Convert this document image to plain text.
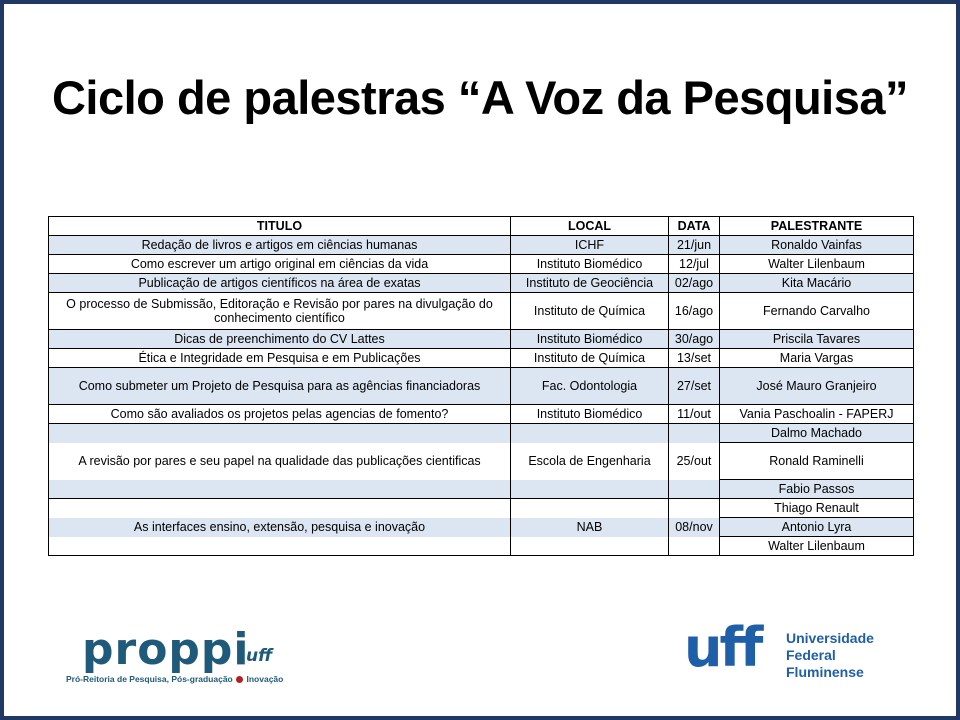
Ciclo de palestras “A Voz da Pesquisa”
TITULO	LOCAL	DATA	PALESTRANTE
Redação de livros e artigos em ciências humanas	ICHF	21/jun	Ronaldo Vainfas
Como escrever um artigo original em ciências da vida	Instituto Biomédico	12/jul	Walter Lilenbaum
Publicação de artigos científicos na área de exatas	Instituto de Geociência	02/ago	Kita Macário
O processo de Submissão, Editoração e Revisão por pares na divulgação do conhecimento científico	Instituto de Química	16/ago	Fernando Carvalho
Dicas de preenchimento do CV Lattes	Instituto Biomédico	30/ago	Priscila Tavares
Ética e Integridade em Pesquisa e em Publicações	Instituto de Química	13/set	Maria Vargas
Como submeter um Projeto de Pesquisa para as agências financiadoras	Fac. Odontologia	27/set	José Mauro Granjeiro
Como são avaliados os projetos pelas agencias de fomento?	Instituto Biomédico	11/out	Vania Paschoalin - FAPERJ
			Dalmo Machado
A revisão por pares e seu papel na qualidade das publicações cientificas	Escola de Engenharia	25/out	Ronald Raminelli
			Fabio Passos
			Thiago Renault
As interfaces ensino, extensão, pesquisa e inovação	NAB	08/nov	Antonio Lyra
			Walter Lilenbaum
proppi
uff
Pró-Reitoria de Pesquisa, Pós-graduação Inovação	uff Universidade
Federal
Fluminense
